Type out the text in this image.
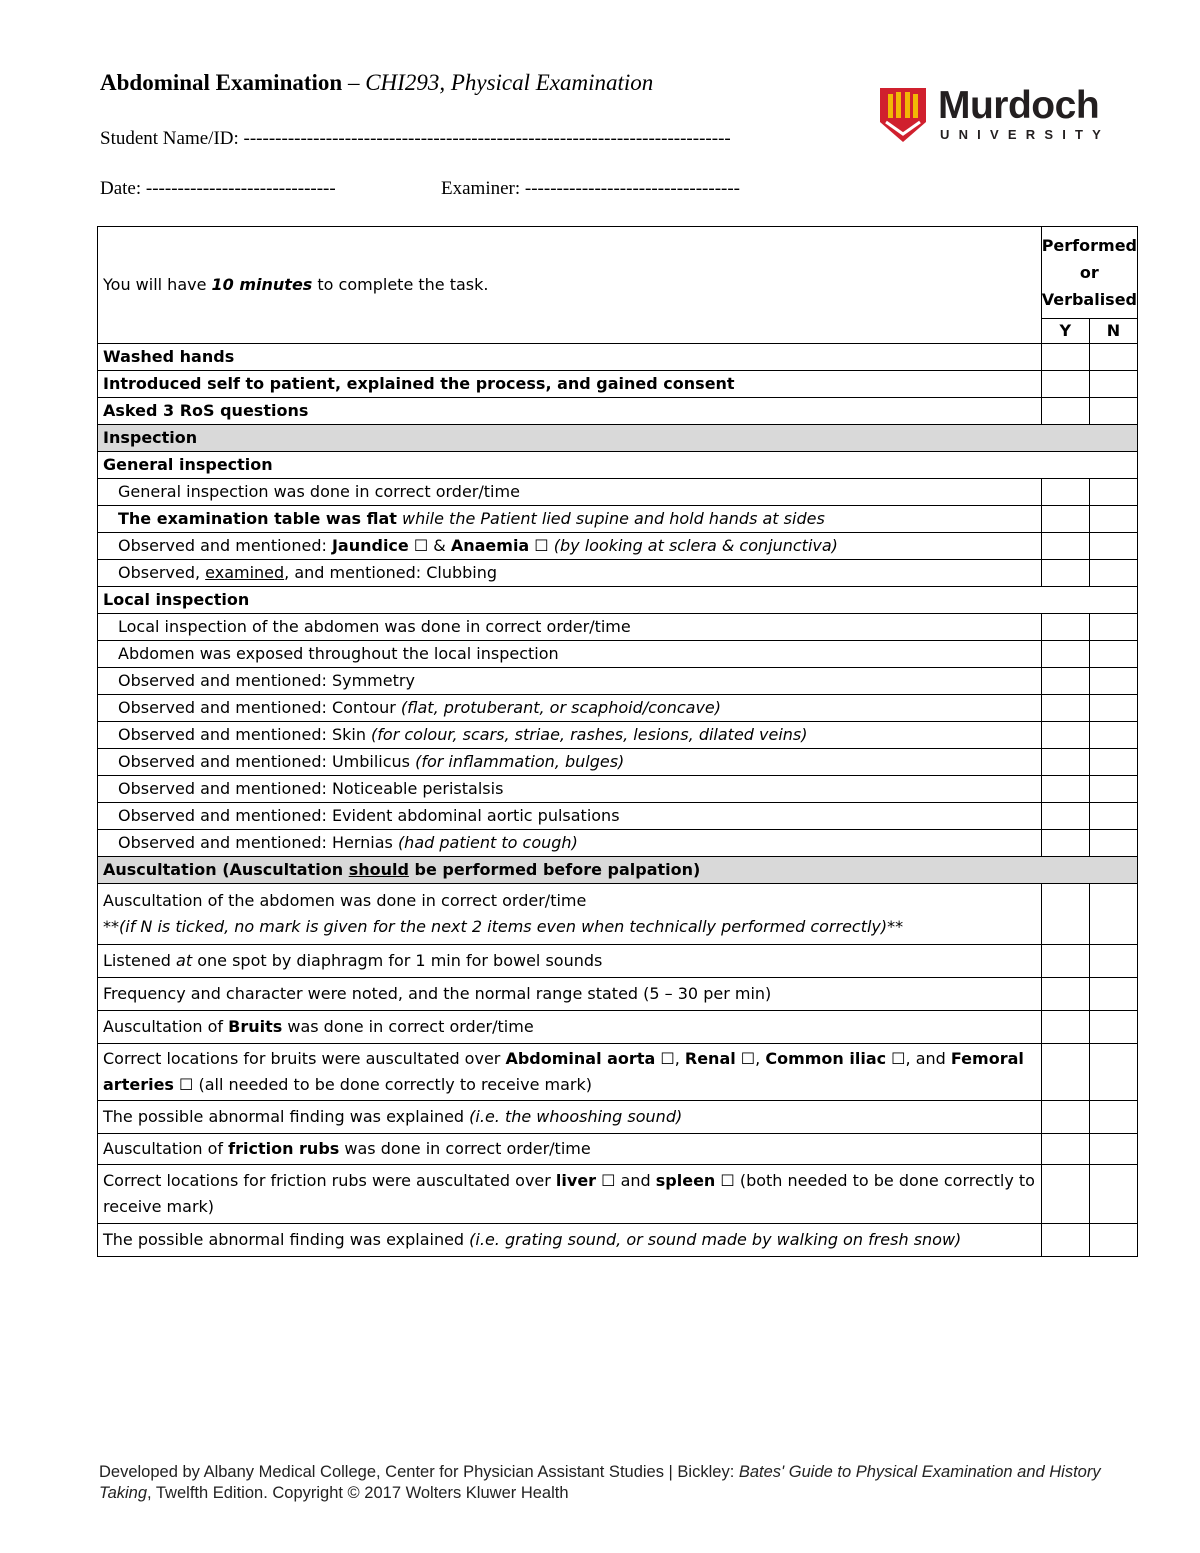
Abdominal Examination – CHI293, Physical Examination
Student Name/ID: -----------------------------------------------------------------------------
Date: ------------------------------	Examiner: ----------------------------------
Murdoch
UNIVERSITY
You will have 10 minutes to complete the task.	Performed
or
Verbalised	
	Y	N
Washed hands		
Introduced self to patient, explained the process, and gained consent		
Asked 3 RoS questions		
Inspection		
General inspection		
General inspection was done in correct order/time		
The examination table was flat while the Patient lied supine and hold hands at sides		
Observed and mentioned: Jaundice ☐ & Anaemia ☐ (by looking at sclera & conjunctiva)		
Observed, examined, and mentioned: Clubbing		
Local inspection		
Local inspection of the abdomen was done in correct order/time		
Abdomen was exposed throughout the local inspection		
Observed and mentioned: Symmetry		
Observed and mentioned: Contour (flat, protuberant, or scaphoid/concave)		
Observed and mentioned: Skin (for colour, scars, striae, rashes, lesions, dilated veins)		
Observed and mentioned: Umbilicus (for inflammation, bulges)		
Observed and mentioned: Noticeable peristalsis		
Observed and mentioned: Evident abdominal aortic pulsations		
Observed and mentioned: Hernias (had patient to cough)		
Auscultation (Auscultation should be performed before palpation)		
Auscultation of the abdomen was done in correct order/time
**(if N is ticked, no mark is given for the next 2 items even when technically performed correctly)**		
Listened at one spot by diaphragm for 1 min for bowel sounds		
Frequency and character were noted, and the normal range stated (5 – 30 per min)		
Auscultation of Bruits was done in correct order/time		
Correct locations for bruits were auscultated over Abdominal aorta ☐, Renal ☐, Common iliac ☐, and Femoral arteries ☐ (all needed to be done correctly to receive mark)		
The possible abnormal finding was explained (i.e. the whooshing sound)		
Auscultation of friction rubs was done in correct order/time		
Correct locations for friction rubs were auscultated over liver ☐ and spleen ☐ (both needed to be done correctly to receive mark)		
The possible abnormal finding was explained (i.e. grating sound, or sound made by walking on fresh snow)		
Developed by Albany Medical College, Center for Physician Assistant Studies | Bickley: Bates' Guide to Physical Examination and History Taking, Twelfth Edition. Copyright © 2017 Wolters Kluwer Health
